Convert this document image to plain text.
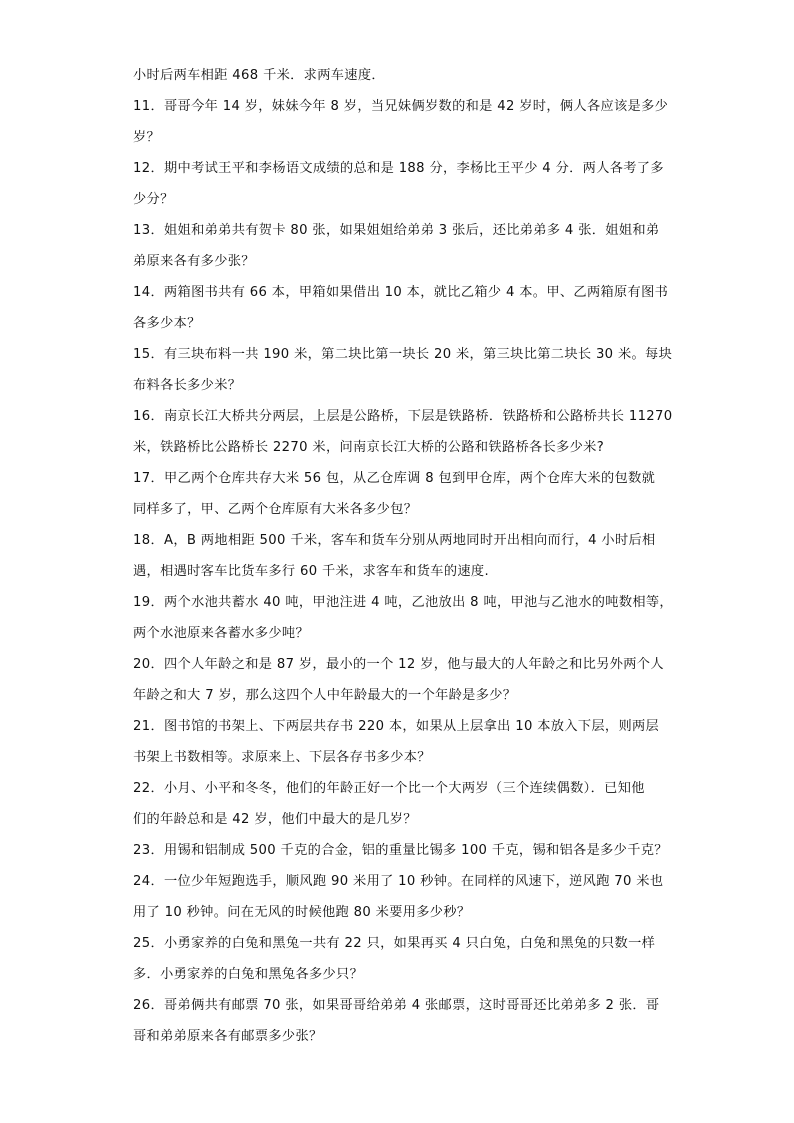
小时后两车相距 468 千米．求两车速度．
11．哥哥今年 14 岁，妹妹今年 8 岁，当兄妹俩岁数的和是 42 岁时，俩人各应该是多少
岁？
12．期中考试王平和李杨语文成绩的总和是 188 分，李杨比王平少 4 分．两人各考了多
少分？
13．姐姐和弟弟共有贺卡 80 张，如果姐姐给弟弟 3 张后，还比弟弟多 4 张．姐姐和弟
弟原来各有多少张？
14．两箱图书共有 66 本，甲箱如果借出 10 本，就比乙箱少 4 本。甲、乙两箱原有图书
各多少本？
15．有三块布料一共 190 米，第二块比第一块长 20 米，第三块比第二块长 30 米。每块
布料各长多少米？
16．南京长江大桥共分两层，上层是公路桥，下层是铁路桥．铁路桥和公路桥共长 11270
米，铁路桥比公路桥长 2270 米，问南京长江大桥的公路和铁路桥各长多少米?
17．甲乙两个仓库共存大米 56 包，从乙仓库调 8 包到甲仓库，两个仓库大米的包数就
同样多了，甲、乙两个仓库原有大米各多少包？
18．A，B 两地相距 500 千米，客车和货车分别从两地同时开出相向而行，4 小时后相
遇，相遇时客车比货车多行 60 千米，求客车和货车的速度.
19．两个水池共蓄水 40 吨，甲池注进 4 吨，乙池放出 8 吨，甲池与乙池水的吨数相等，
两个水池原来各蓄水多少吨？
20．四个人年龄之和是 87 岁，最小的一个 12 岁，他与最大的人年龄之和比另外两个人
年龄之和大 7 岁，那么这四个人中年龄最大的一个年龄是多少？
21．图书馆的书架上、下两层共存书 220 本，如果从上层拿出 10 本放入下层，则两层
书架上书数相等。求原来上、下层各存书多少本？
22．小月、小平和冬冬，他们的年龄正好一个比一个大两岁（三个连续偶数）．已知他
们的年龄总和是 42 岁，他们中最大的是几岁？
23．用锡和铝制成 500 千克的合金，铝的重量比锡多 100 千克，锡和铝各是多少千克？
24．一位少年短跑选手，顺风跑 90 米用了 10 秒钟。在同样的风速下，逆风跑 70 米也
用了 10 秒钟。问在无风的时候他跑 80 米要用多少秒？
25．小勇家养的白兔和黑兔一共有 22 只，如果再买 4 只白兔，白兔和黑兔的只数一样
多．小勇家养的白兔和黑兔各多少只？
26．哥弟俩共有邮票 70 张，如果哥哥给弟弟 4 张邮票，这时哥哥还比弟弟多 2 张．哥
哥和弟弟原来各有邮票多少张？
